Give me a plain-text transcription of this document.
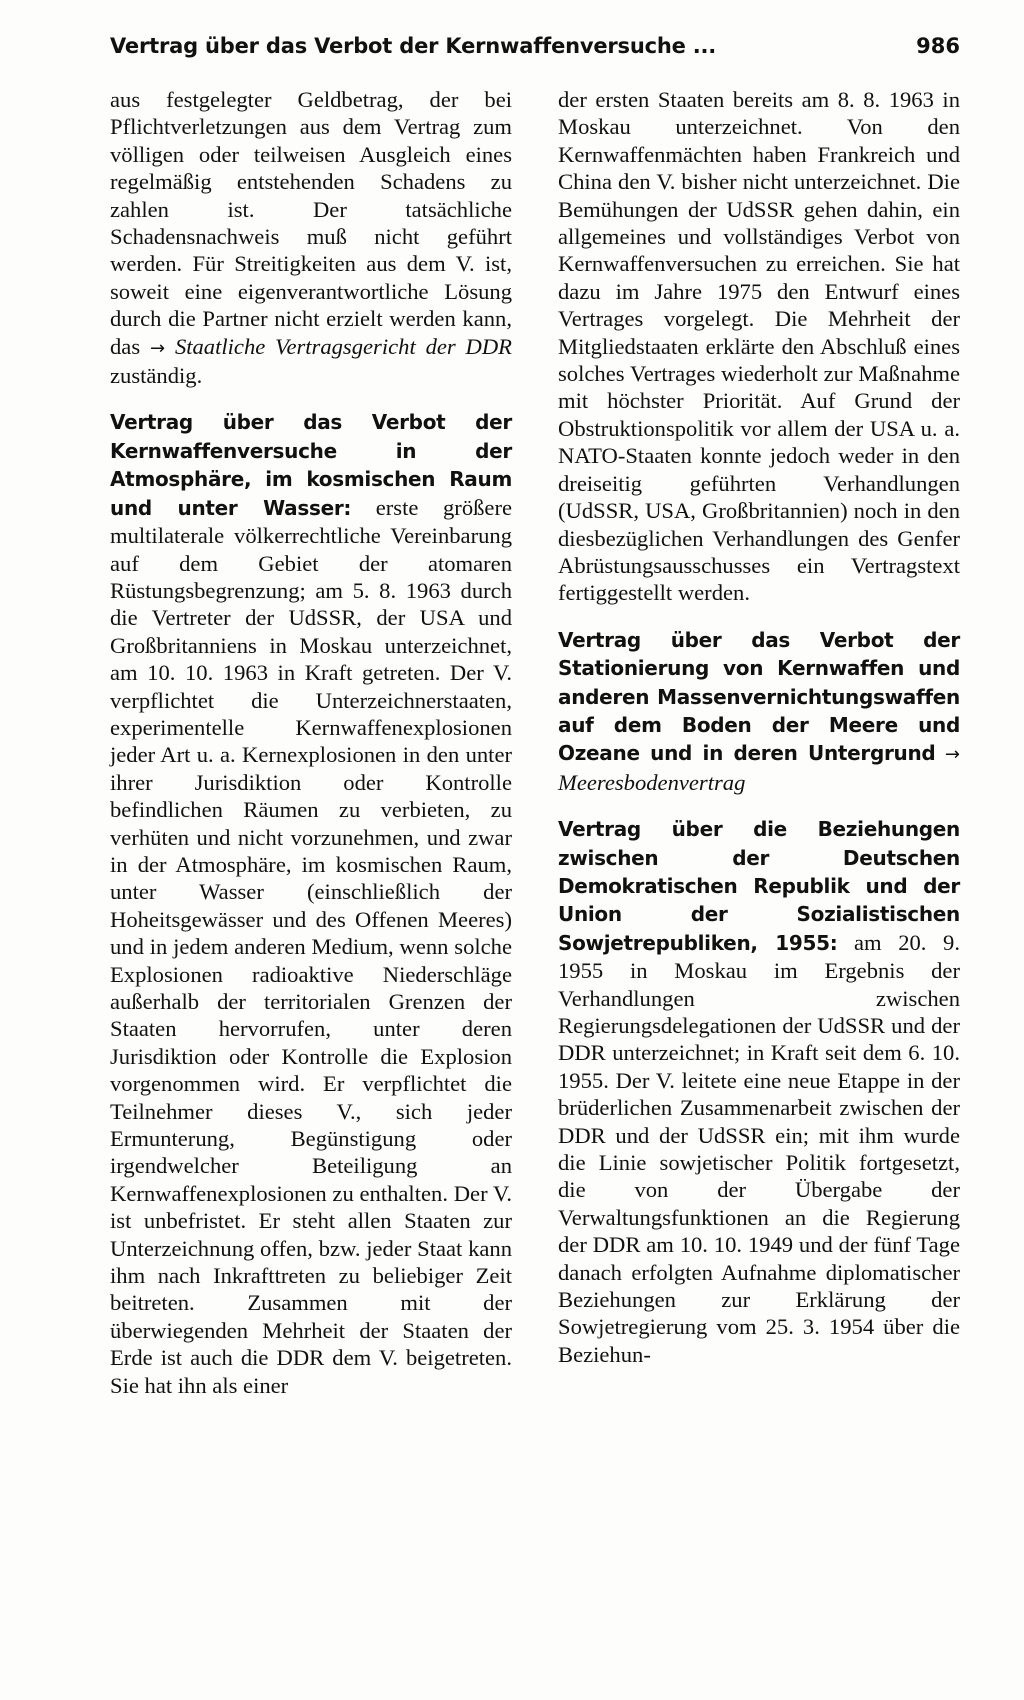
Vertrag über das Verbot der Kernwaffenversuche ...	986

aus festgelegter Geldbetrag, der bei Pflichtverletzungen aus dem Vertrag zum völligen oder teilweisen Ausgleich eines regelmäßig entstehenden Schadens zu zahlen ist. Der tatsächliche Schadensnachweis muß nicht geführt werden. Für Streitigkeiten aus dem V. ist, soweit eine eigenverantwortliche Lösung durch die Partner nicht erzielt werden kann, das → Staatliche Vertragsgericht der DDR zuständig.

Vertrag über das Verbot der Kernwaffenversuche in der Atmosphäre, im kosmischen Raum und unter Wasser: erste größere multilaterale völkerrechtliche Vereinbarung auf dem Gebiet der atomaren Rüstungsbegrenzung; am 5. 8. 1963 durch die Vertreter der UdSSR, der USA und Großbritanniens in Moskau unterzeichnet, am 10. 10. 1963 in Kraft getreten. Der V. verpflichtet die Unterzeichnerstaaten, experimentelle Kernwaffenexplosionen jeder Art u. a. Kernexplosionen in den unter ihrer Jurisdiktion oder Kontrolle befindlichen Räumen zu verbieten, zu verhüten und nicht vorzunehmen, und zwar in der Atmosphäre, im kosmischen Raum, unter Wasser (einschließlich der Hoheitsgewässer und des Offenen Meeres) und in jedem anderen Medium, wenn solche Explosionen radioaktive Niederschläge außerhalb der territorialen Grenzen der Staaten hervorrufen, unter deren Jurisdiktion oder Kontrolle die Explosion vorgenommen wird. Er verpflichtet die Teilnehmer dieses V., sich jeder Ermunterung, Begünstigung oder irgendwelcher Beteiligung an Kernwaffenexplosionen zu enthalten. Der V. ist unbefristet. Er steht allen Staaten zur Unterzeichnung offen, bzw. jeder Staat kann ihm nach Inkrafttreten zu beliebiger Zeit beitreten. Zusammen mit der überwiegenden Mehrheit der Staaten der Erde ist auch die DDR dem V. beigetreten. Sie hat ihn als einer

der ersten Staaten bereits am 8. 8. 1963 in Moskau unterzeichnet. Von den Kernwaffenmächten haben Frankreich und China den V. bisher nicht unterzeichnet. Die Bemühungen der UdSSR gehen dahin, ein allgemeines und vollständiges Verbot von Kernwaffenversuchen zu erreichen. Sie hat dazu im Jahre 1975 den Entwurf eines Vertrages vorgelegt. Die Mehrheit der Mitgliedstaaten erklärte den Abschluß eines solches Vertrages wiederholt zur Maßnahme mit höchster Priorität. Auf Grund der Obstruktionspolitik vor allem der USA u. a. NATO-Staaten konnte jedoch weder in den dreiseitig geführten Verhandlungen (UdSSR, USA, Großbritannien) noch in den diesbezüglichen Verhandlungen des Genfer Abrüstungsausschusses ein Vertragstext fertiggestellt werden.

Vertrag über das Verbot der Stationierung von Kernwaffen und anderen Massenvernichtungswaffen auf dem Boden der Meere und Ozeane und in deren Untergrund → Meeresbodenvertrag

Vertrag über die Beziehungen zwischen der Deutschen Demokratischen Republik und der Union der Sozialistischen Sowjetrepubliken, 1955: am 20. 9. 1955 in Moskau im Ergebnis der Verhandlungen zwischen Regierungsdelegationen der UdSSR und der DDR unterzeichnet; in Kraft seit dem 6. 10. 1955. Der V. leitete eine neue Etappe in der brüderlichen Zusammenarbeit zwischen der DDR und der UdSSR ein; mit ihm wurde die Linie sowjetischer Politik fortgesetzt, die von der Übergabe der Verwaltungsfunktionen an die Regierung der DDR am 10. 10. 1949 und der fünf Tage danach erfolgten Aufnahme diplomatischer Beziehungen zur Erklärung der Sowjetregierung vom 25. 3. 1954 über die Beziehun-
